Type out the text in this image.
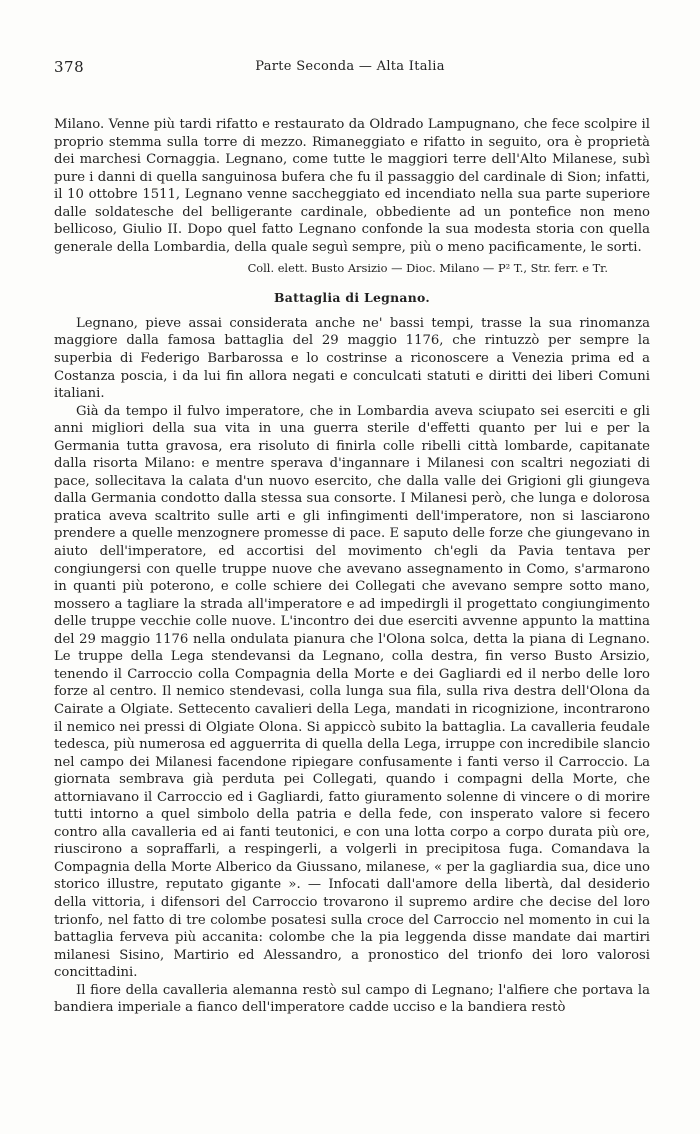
378	Parte Seconda — Alta Italia

Milano. Venne più tardi rifatto e restaurato da Oldrado Lampugnano, che fece scolpire il proprio stemma sulla torre di mezzo. Rimaneggiato e rifatto in seguito, ora è proprietà dei marchesi Cornaggia. Legnano, come tutte le maggiori terre dell'Alto Milanese, subì pure i danni di quella sanguinosa bufera che fu il passaggio del cardinale di Sion; infatti, il 10 ottobre 1511, Legnano venne saccheggiato ed incendiato nella sua parte superiore dalle soldatesche del belligerante cardinale, obbediente ad un pontefice non meno bellicoso, Giulio II. Dopo quel fatto Legnano confonde la sua modesta storia con quella generale della Lombardia, della quale seguì sempre, più o meno pacificamente, le sorti.

Coll. elett. Busto Arsizio — Dioc. Milano — P² T., Str. ferr. e Tr.
Battaglia di Legnano.

Legnano, pieve assai considerata anche ne' bassi tempi, trasse la sua rinomanza maggiore dalla famosa battaglia del 29 maggio 1176, che rintuzzò per sempre la superbia di Federigo Barbarossa e lo costrinse a riconoscere a Venezia prima ed a Costanza poscia, i da lui fin allora negati e conculcati statuti e diritti dei liberi Comuni italiani.

Già da tempo il fulvo imperatore, che in Lombardia aveva sciupato sei eserciti e gli anni migliori della sua vita in una guerra sterile d'effetti quanto per lui e per la Germania tutta gravosa, era risoluto di finirla colle ribelli città lombarde, capitanate dalla risorta Milano: e mentre sperava d'ingannare i Milanesi con scaltri negoziati di pace, sollecitava la calata d'un nuovo esercito, che dalla valle dei Grigioni gli giungeva dalla Germania condotto dalla stessa sua consorte. I Milanesi però, che lunga e dolorosa pratica aveva scaltrito sulle arti e gli infingimenti dell'imperatore, non si lasciarono prendere a quelle menzognere promesse di pace. E saputo delle forze che giungevano in aiuto dell'imperatore, ed accortisi del movimento ch'egli da Pavia tentava per congiungersi con quelle truppe nuove che avevano assegnamento in Como, s'armarono in quanti più poterono, e colle schiere dei Collegati che avevano sempre sotto mano, mossero a tagliare la strada all'imperatore e ad impedirgli il progettato congiungimento delle truppe vecchie colle nuove. L'incontro dei due eserciti avvenne appunto la mattina del 29 maggio 1176 nella ondulata pianura che l'Olona solca, detta la piana di Legnano. Le truppe della Lega stendevansi da Legnano, colla destra, fin verso Busto Arsizio, tenendo il Carroccio colla Compagnia della Morte e dei Gagliardi ed il nerbo delle loro forze al centro. Il nemico stendevasi, colla lunga sua fila, sulla riva destra dell'Olona da Cairate a Olgiate. Settecento cavalieri della Lega, mandati in ricognizione, incontrarono il nemico nei pressi di Olgiate Olona. Si appiccò subito la battaglia. La cavalleria feudale tedesca, più numerosa ed agguerrita di quella della Lega, irruppe con incredibile slancio nel campo dei Milanesi facendone ripiegare confusamente i fanti verso il Carroccio. La giornata sembrava già perduta pei Collegati, quando i compagni della Morte, che attorniavano il Carroccio ed i Gagliardi, fatto giuramento solenne di vincere o di morire tutti intorno a quel simbolo della patria e della fede, con insperato valore si fecero contro alla cavalleria ed ai fanti teutonici, e con una lotta corpo a corpo durata più ore, riuscirono a sopraffarli, a respingerli, a volgerli in precipitosa fuga. Comandava la Compagnia della Morte Alberico da Giussano, milanese, « per la gagliardia sua, dice uno storico illustre, reputato gigante ». — Infocati dall'amore della libertà, dal desiderio della vittoria, i difensori del Carroccio trovarono il supremo ardire che decise del loro trionfo, nel fatto di tre colombe posatesi sulla croce del Carroccio nel momento in cui la battaglia ferveva più accanita: colombe che la pia leggenda disse mandate dai martiri milanesi Sisino, Martirio ed Alessandro, a pronostico del trionfo dei loro valorosi concittadini.

Il fiore della cavalleria alemanna restò sul campo di Legnano; l'alfiere che portava la bandiera imperiale a fianco dell'imperatore cadde ucciso e la bandiera restò
